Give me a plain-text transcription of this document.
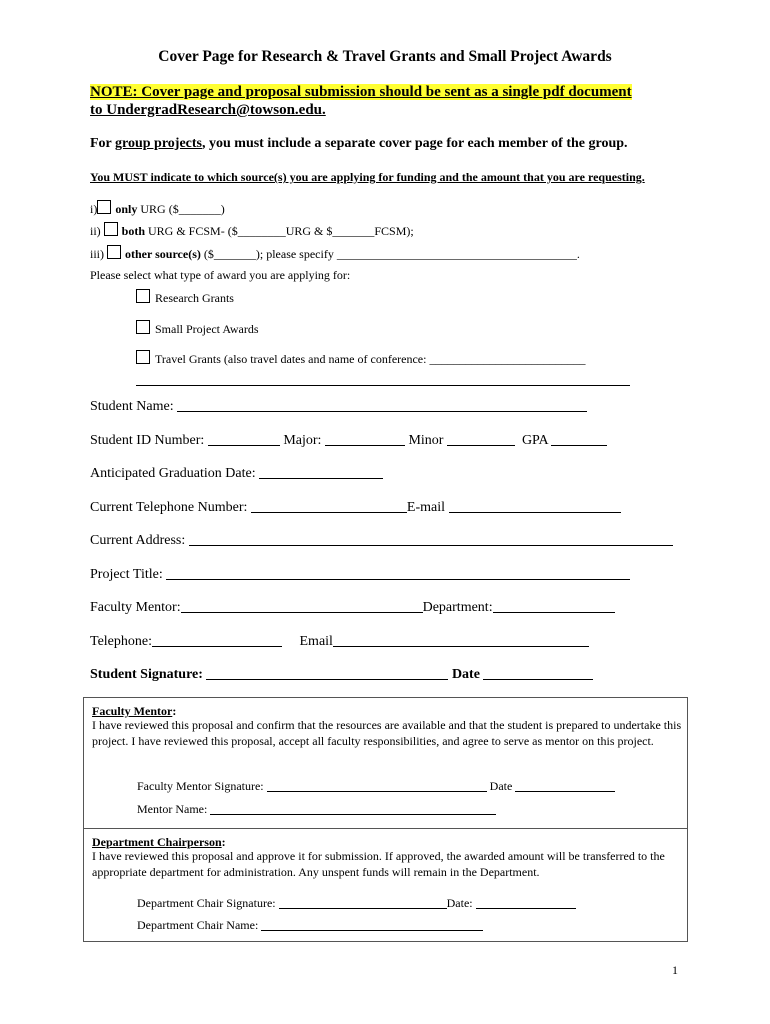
Cover Page for Research & Travel Grants and Small Project Awards
NOTE: Cover page and proposal submission should be sent as a single pdf document
to UndergradResearch@towson.edu.
For group projects, you must include a separate cover page for each member of the group.
You MUST indicate to which source(s) you are applying for funding and the amount that you are requesting.
i) only URG ($_______)
ii) both URG & FCSM- ($________URG & $_______FCSM);
iii) other source(s) ($_______); please specify ________________________________________.
Please select what type of award you are applying for:
Research Grants
Small Project Awards
Travel Grants (also travel dates and name of conference: __________________________
Student Name:
Student ID Number:	Major:	Minor	GPA
Anticipated Graduation Date:
Current Telephone Number:	E-mail
Current Address:
Project Title:
Faculty Mentor:	Department:
Telephone:	Email
Student Signature:	Date
Faculty Mentor:
I have reviewed this proposal and confirm that the resources are available and that the student is prepared to undertake this project. I have reviewed this proposal, accept all faculty responsibilities, and agree to serve as mentor on this project.
Faculty Mentor Signature:	Date
Mentor Name:
Department Chairperson:
I have reviewed this proposal and approve it for submission. If approved, the awarded amount will be transferred to the appropriate department for administration. Any unspent funds will remain in the Department.
Department Chair Signature:	Date:
Department Chair Name:
1
